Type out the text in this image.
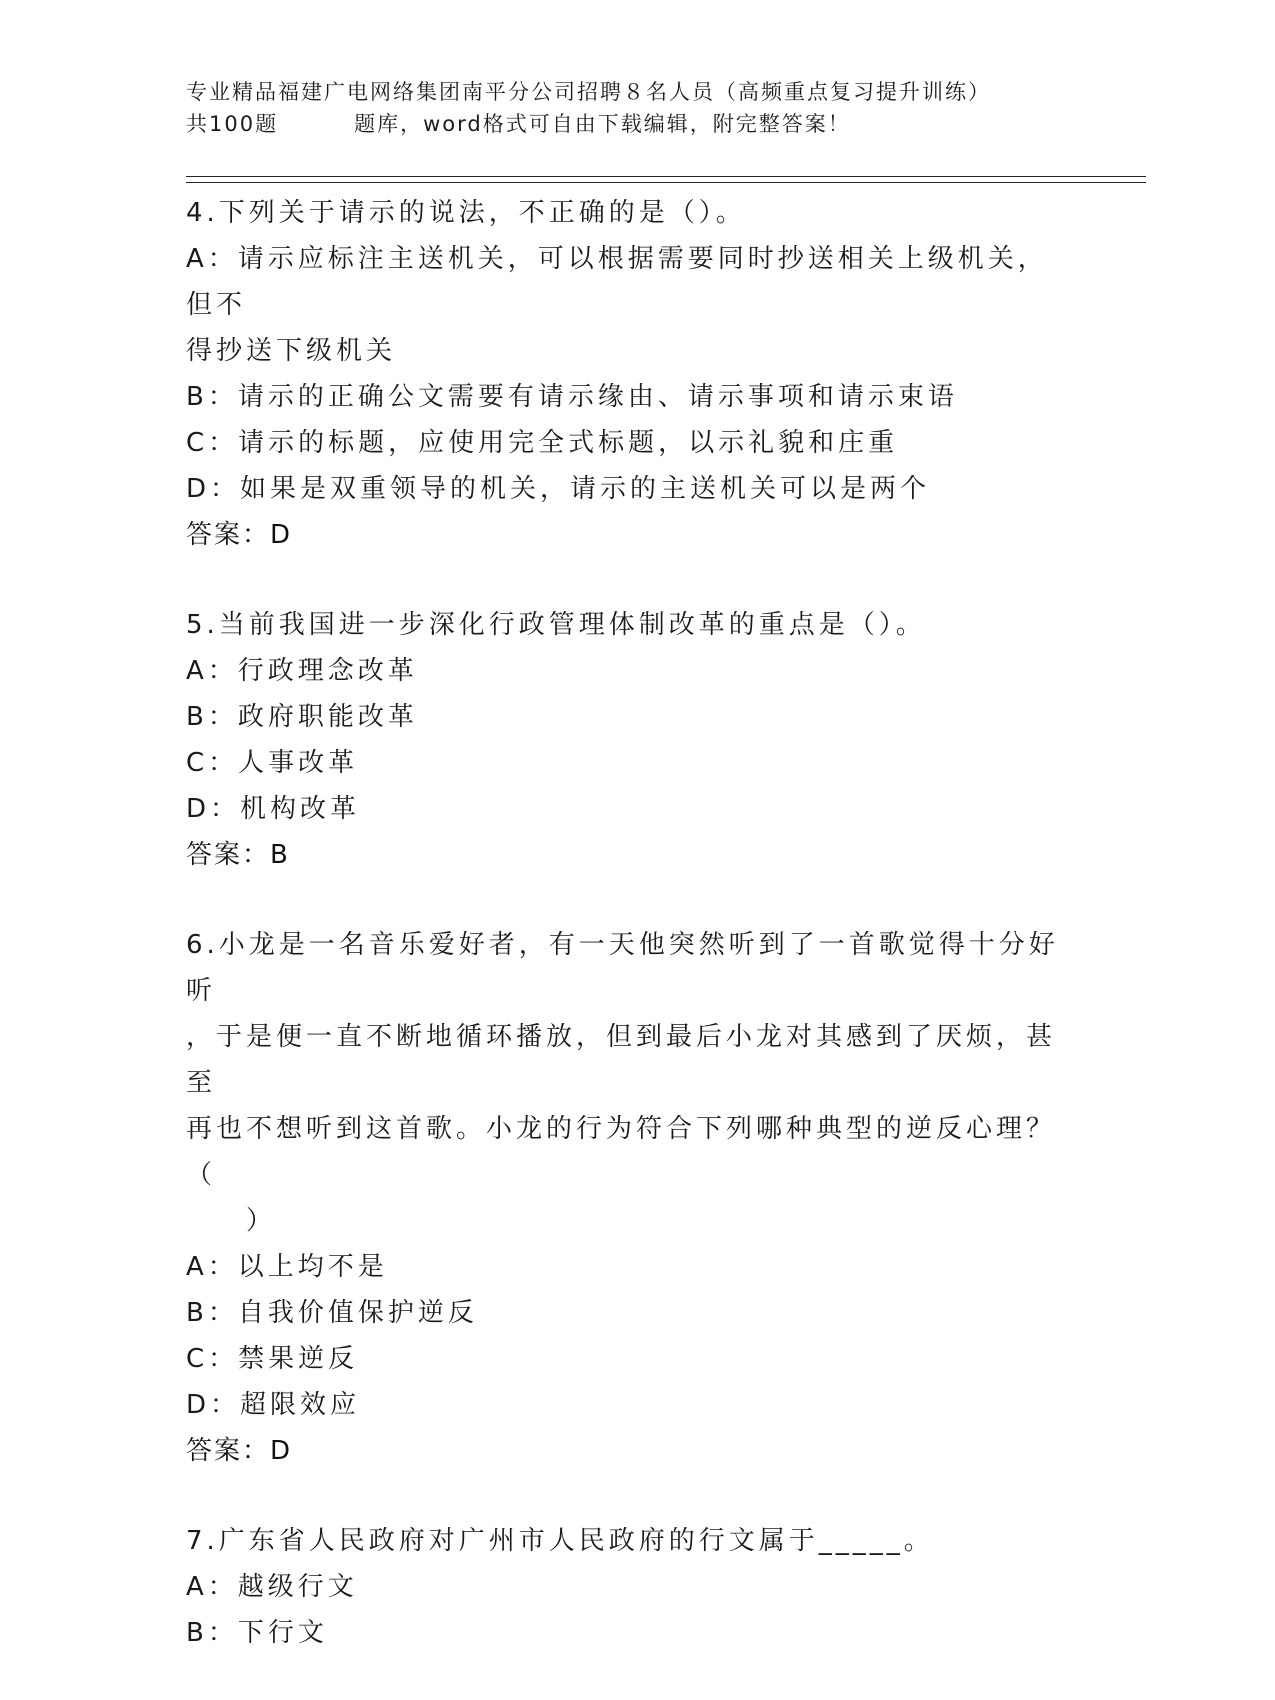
专业精品福建广电网络集团南平分公司招聘８名人员（高频重点复习提升训练）
共100题	题库，word格式可自由下载编辑，附完整答案！

4.下列关于请示的说法，不正确的是（）。

A：请示应标注主送机关，可以根据需要同时抄送相关上级机关，但不

得抄送下级机关

B：请示的正确公文需要有请示缘由、请示事项和请示束语

C：请示的标题，应使用完全式标题，以示礼貌和庄重

D：如果是双重领导的机关，请示的主送机关可以是两个

答案：D

5.当前我国进一步深化行政管理体制改革的重点是（）。

A：行政理念改革

B：政府职能改革

C：人事改革

D：机构改革

答案：B

6.小龙是一名音乐爱好者，有一天他突然听到了一首歌觉得十分好听

，于是便一直不断地循环播放，但到最后小龙对其感到了厌烦，甚至

再也不想听到这首歌。小龙的行为符合下列哪种典型的逆反心理？（

）

A：以上均不是

B：自我价值保护逆反

C：禁果逆反

D：超限效应

答案：D

7.广东省人民政府对广州市人民政府的行文属于_____。

A：越级行文

B：下行文
